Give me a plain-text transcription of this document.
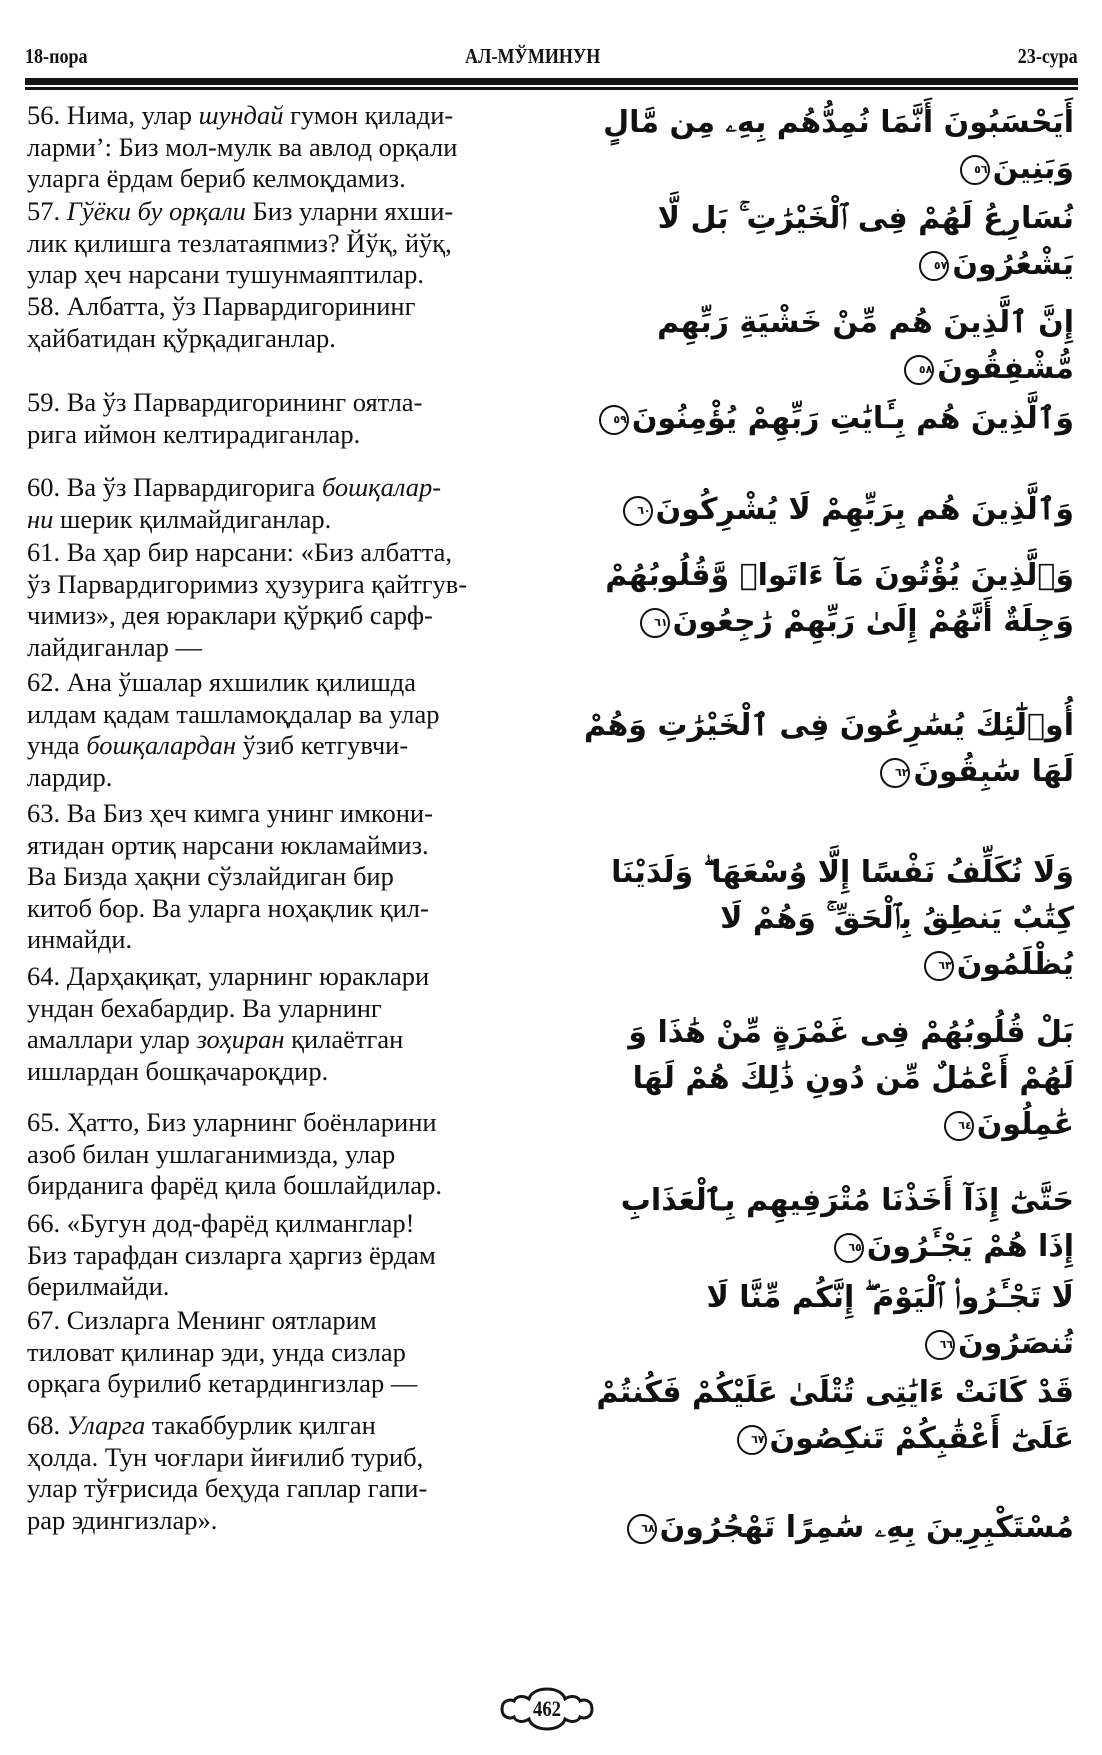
18-пора	АЛ-МЎМИНУН	23-сура
56. Нима, улар шундай гумон қилади-
лармиʼ: Биз мол-мулк ва авлод орқали
уларга ёрдам бериб келмоқдамиз.
57. Гўёки бу орқали Биз уларни яхши-
лик қилишга тезлатаяпмиз? Йўқ, йўқ,
улар ҳеч нарсани тушунмаяптилар.
58. Албатта, ўз Парвардигорининг
ҳайбатидан қўрқадиганлар.
59. Ва ўз Парвардигорининг оятла-
рига иймон келтирадиганлар.
60. Ва ўз Парвардигорига бошқалар-
ни шерик қилмайдиганлар.
61. Ва ҳар бир нарсани: «Биз албатта,
ўз Парвардигоримиз ҳузурига қайтгув-
чимиз», дея юраклари қўрқиб сарф-
лайдиганлар —
62. Ана ўшалар яхшилик қилишда
илдам қадам ташламоқдалар ва улар
унда бошқалардан ўзиб кетгувчи-
лардир.
63. Ва Биз ҳеч кимга унинг имкони-
ятидан ортиқ нарсани юкламаймиз.
Ва Бизда ҳақни сўзлайдиган бир
китоб бор. Ва уларга ноҳақлик қил-
инмайди.
64. Дарҳақиқат, уларнинг юраклари
ундан бехабардир. Ва уларнинг
амаллари улар зоҳиран қилаётган
ишлардан бошқачароқдир.
65. Ҳатто, Биз уларнинг боёнларини
азоб билан ушлаганимизда, улар
бирданига фарёд қила бошлайдилар.
66. «Бугун дод-фарёд қилманглар!
Биз тарафдан сизларга ҳаргиз ёрдам
берилмайди.
67. Сизларга Менинг оятларим
тиловат қилинар эди, унда сизлар
орқага бурилиб кетардингизлар —
68. Уларга такаббурлик қилган
ҳолда. Тун чоғлари йиғилиб туриб,
улар тўғрисида беҳуда гаплар гапи-
рар эдингизлар».
أَيَحْسَبُونَ أَنَّمَا نُمِدُّهُم بِهِۦ مِن مَّالٍ
وَبَنِينَ٥٦
نُسَارِعُ لَهُمْ فِى ٱلْخَيْرَٰتِ ۚ بَل لَّا
يَشْعُرُونَ٥٧
إِنَّ ٱلَّذِينَ هُم مِّنْ خَشْيَةِ رَبِّهِم
مُّشْفِقُونَ٥٨
وَٱلَّذِينَ هُم بِـَٔايَٰتِ رَبِّهِمْ يُؤْمِنُونَ٥٩
وَٱلَّذِينَ هُم بِرَبِّهِمْ لَا يُشْرِكُونَ٦٠
وَٱلَّذِينَ يُؤْتُونَ مَآ ءَاتَوا۟ وَّقُلُوبُهُمْ
وَجِلَةٌ أَنَّهُمْ إِلَىٰ رَبِّهِمْ رَٰجِعُونَ٦١
أُو۟لَٰٓئِكَ يُسَٰرِعُونَ فِى ٱلْخَيْرَٰتِ وَهُمْ
لَهَا سَٰبِقُونَ٦٢
وَلَا نُكَلِّفُ نَفْسًا إِلَّا وُسْعَهَا ۖ وَلَدَيْنَا
كِتَٰبٌ يَنطِقُ بِٱلْحَقِّ ۚ وَهُمْ لَا
يُظْلَمُونَ٦٣
بَلْ قُلُوبُهُمْ فِى غَمْرَةٍ مِّنْ هَٰذَا وَ
لَهُمْ أَعْمَٰلٌ مِّن دُونِ ذَٰلِكَ هُمْ لَهَا
عَٰمِلُونَ٦٤
حَتَّىٰٓ إِذَآ أَخَذْنَا مُتْرَفِيهِم بِٱلْعَذَابِ
إِذَا هُمْ يَجْـَٔرُونَ٦٥
لَا تَجْـَٔرُوا۟ ٱلْيَوْمَ ۖ إِنَّكُم مِّنَّا لَا
تُنصَرُونَ٦٦
قَدْ كَانَتْ ءَايَٰتِى تُتْلَىٰ عَلَيْكُمْ فَكُنتُمْ
عَلَىٰٓ أَعْقَٰبِكُمْ تَنكِصُونَ٦٧
مُسْتَكْبِرِينَ بِهِۦ سَٰمِرًا تَهْجُرُونَ٦٨
462
